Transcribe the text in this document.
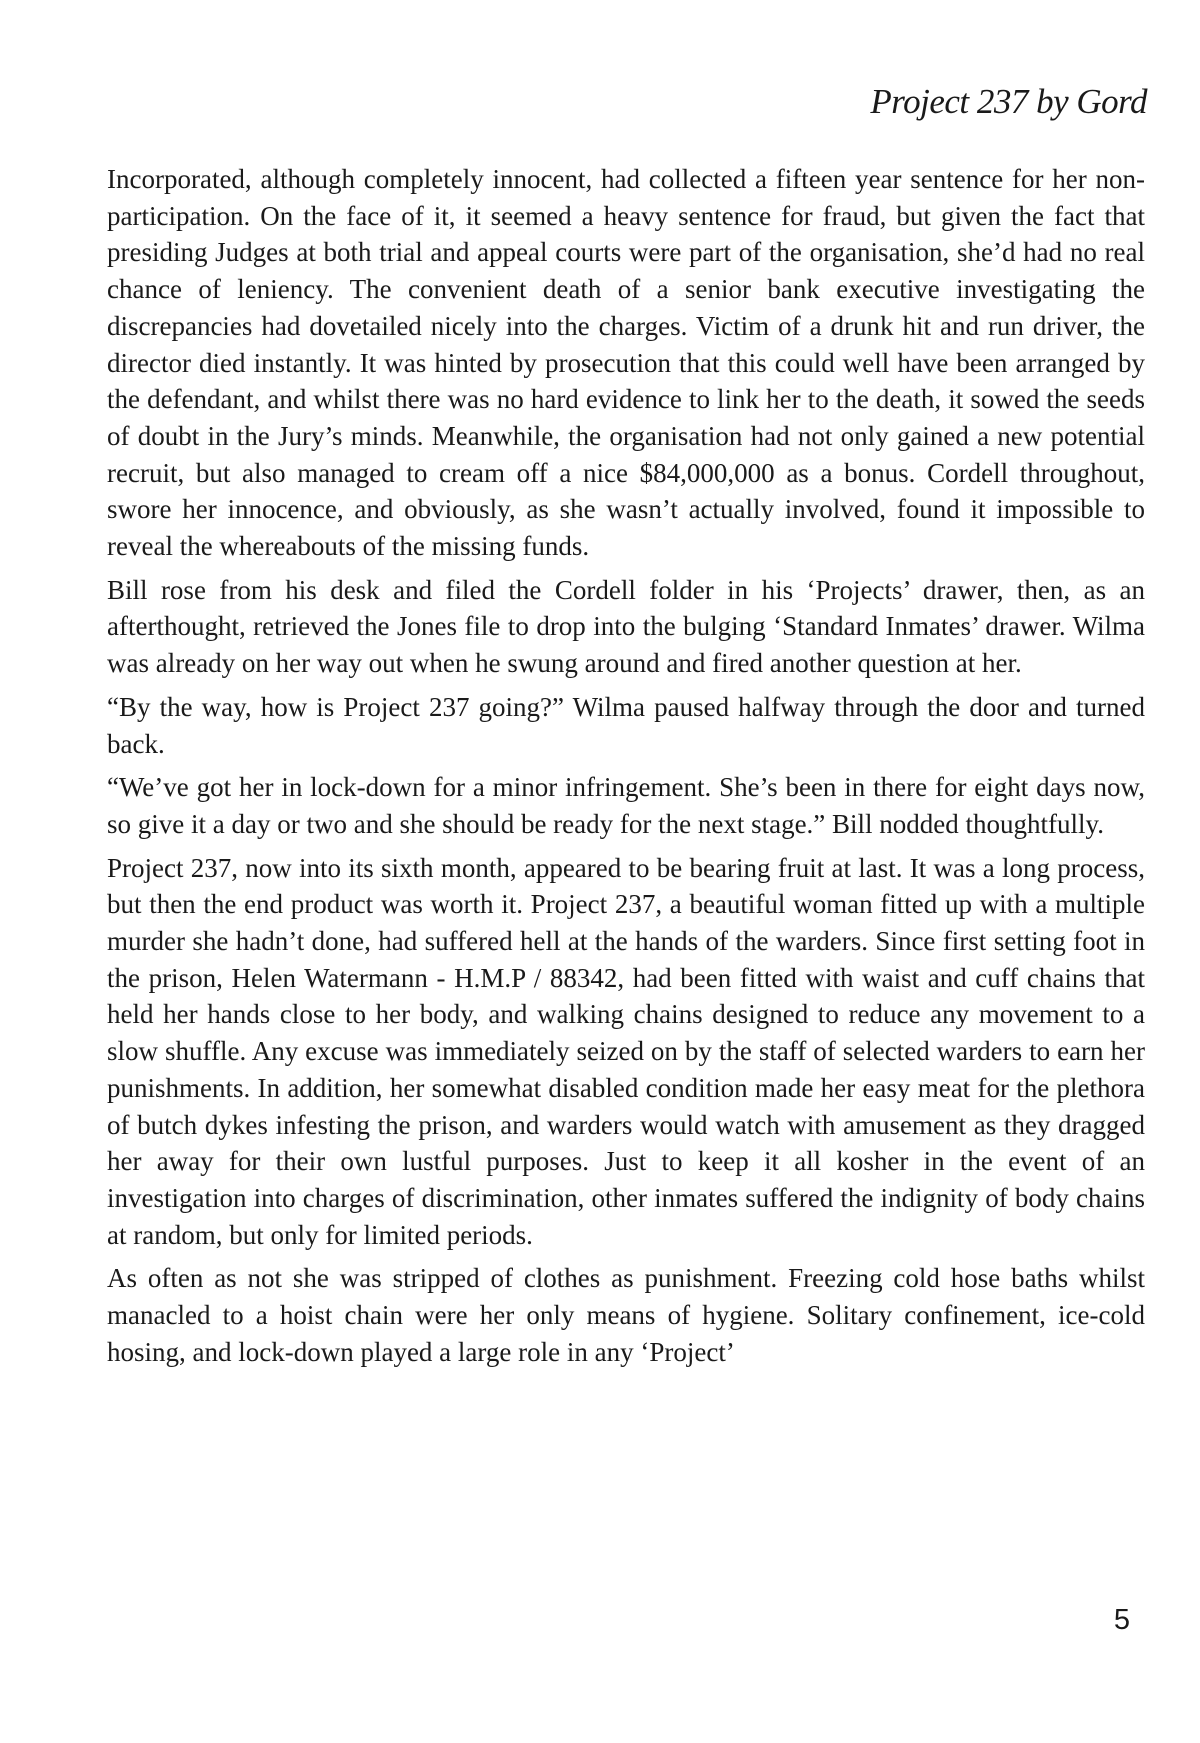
Project 237 by Gord

Incorporated, although completely innocent, had collected a fifteen year sentence for her non-participation. On the face of it, it seemed a heavy sentence for fraud, but given the fact that presiding Judges at both trial and appeal courts were part of the organisation, she’d had no real chance of leniency. The convenient death of a senior bank executive investigating the discrepancies had dovetailed nicely into the charges. Victim of a drunk hit and run driver, the director died instantly. It was hinted by prosecution that this could well have been arranged by the defendant, and whilst there was no hard evidence to link her to the death, it sowed the seeds of doubt in the Jury’s minds. Meanwhile, the organisation had not only gained a new potential recruit, but also managed to cream off a nice $84,000,000 as a bonus. Cordell throughout, swore her innocence, and obviously, as she wasn’t actually involved, found it impossible to reveal the whereabouts of the missing funds.

Bill rose from his desk and filed the Cordell folder in his ‘Projects’ drawer, then, as an afterthought, retrieved the Jones file to drop into the bulging ‘Standard Inmates’ drawer. Wilma was already on her way out when he swung around and fired another question at her.

“By the way, how is Project 237 going?” Wilma paused halfway through the door and turned back.

“We’ve got her in lock-down for a minor infringement. She’s been in there for eight days now, so give it a day or two and she should be ready for the next stage.” Bill nodded thoughtfully.

Project 237, now into its sixth month, appeared to be bearing fruit at last. It was a long process, but then the end product was worth it. Project 237, a beautiful woman fitted up with a multiple murder she hadn’t done, had suffered hell at the hands of the warders. Since first setting foot in the prison, Helen Watermann - H.M.P / 88342, had been fitted with waist and cuff chains that held her hands close to her body, and walking chains designed to reduce any movement to a slow shuffle. Any excuse was immediately seized on by the staff of selected warders to earn her punishments. In addition, her somewhat disabled condition made her easy meat for the plethora of butch dykes infesting the prison, and warders would watch with amusement as they dragged her away for their own lustful purposes. Just to keep it all kosher in the event of an investigation into charges of discrimination, other inmates suffered the indignity of body chains at random, but only for limited periods.

As often as not she was stripped of clothes as punishment. Freezing cold hose baths whilst manacled to a hoist chain were her only means of hygiene. Solitary confinement, ice-cold hosing, and lock-down played a large role in any ‘Project’

5
